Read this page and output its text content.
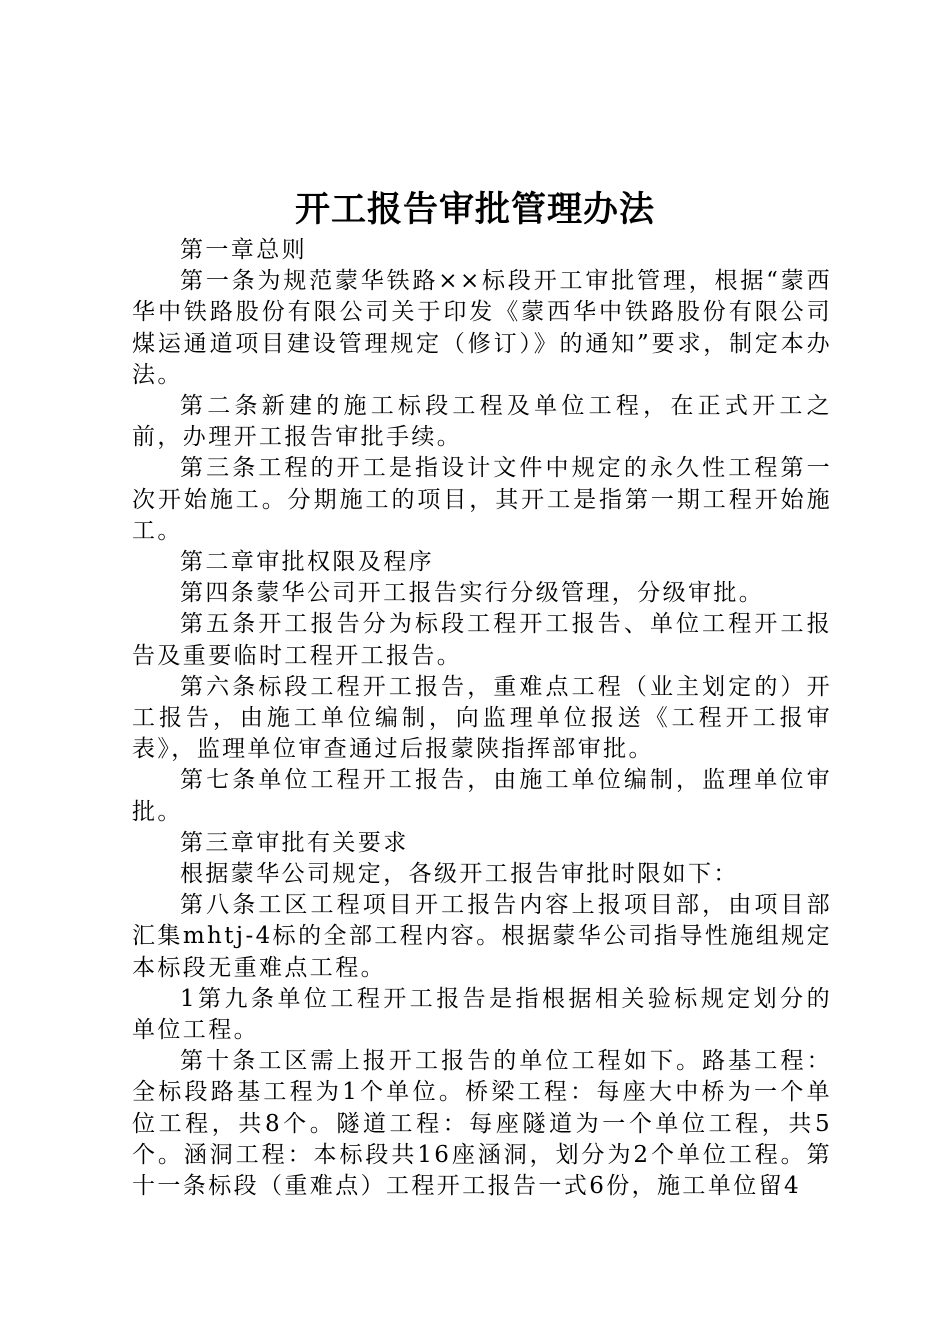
开工报告审批管理办法

第一章总则

第一条为规范蒙华铁路××标段开工审批管理，根据“蒙西华中铁路股份有限公司关于印发《蒙西华中铁路股份有限公司煤运通道项目建设管理规定（修订）》的通知”要求，制定本办法。

第二条新建的施工标段工程及单位工程，在正式开工之前，办理开工报告审批手续。

第三条工程的开工是指设计文件中规定的永久性工程第一次开始施工。分期施工的项目，其开工是指第一期工程开始施工。

第二章审批权限及程序

第四条蒙华公司开工报告实行分级管理，分级审批。

第五条开工报告分为标段工程开工报告、单位工程开工报告及重要临时工程开工报告。

第六条标段工程开工报告，重难点工程（业主划定的）开工报告，由施工单位编制，向监理单位报送《工程开工报审表》，监理单位审查通过后报蒙陕指挥部审批。

第七条单位工程开工报告，由施工单位编制，监理单位审批。

第三章审批有关要求

根据蒙华公司规定，各级开工报告审批时限如下：

第八条工区工程项目开工报告内容上报项目部，由项目部汇集mhtj-4标的全部工程内容。根据蒙华公司指导性施组规定本标段无重难点工程。

1第九条单位工程开工报告是指根据相关验标规定划分的单位工程。

第十条工区需上报开工报告的单位工程如下。路基工程：全标段路基工程为1个单位。桥梁工程：每座大中桥为一个单位工程，共8个。隧道工程：每座隧道为一个单位工程，共5个。涵洞工程：本标段共16座涵洞，划分为2个单位工程。第十一条标段（重难点）工程开工报告一式6份，施工单位留4
